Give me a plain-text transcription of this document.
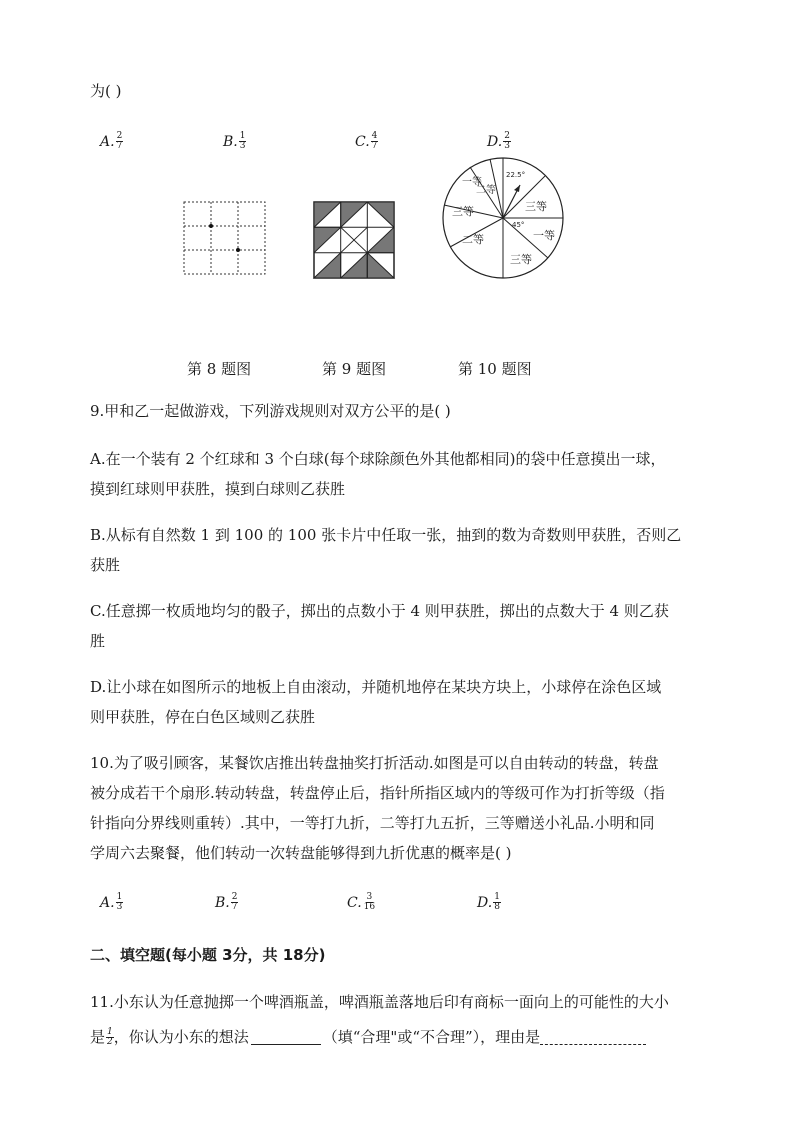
为( )
A. $\frac{2}{7}$	B. $\frac{1}{3}$	C. $\frac{4}{7}$	D. $\frac{2}{3}$
一等
二等
三等
三等
一等
二等
三等
22.5°
45°
第 8 题图	第 9 题图	第 10 题图
9.甲和乙一起做游戏，下列游戏规则对双方公平的是( )
A.在一个装有 2 个红球和 3 个白球(每个球除颜色外其他都相同)的袋中任意摸出一球，
摸到红球则甲获胜，摸到白球则乙获胜
B.从标有自然数 1 到 100 的 100 张卡片中任取一张，抽到的数为奇数则甲获胜，否则乙
获胜
C.任意掷一枚质地均匀的骰子，掷出的点数小于 4 则甲获胜，掷出的点数大于 4 则乙获
胜
D.让小球在如图所示的地板上自由滚动，并随机地停在某块方块上，小球停在涂色区域
则甲获胜，停在白色区域则乙获胜
10.为了吸引顾客，某餐饮店推出转盘抽奖打折活动.如图是可以自由转动的转盘，转盘
被分成若干个扇形.转动转盘，转盘停止后，指针所指区域内的等级可作为打折等级（指
针指向分界线则重转）.其中，一等打九折，二等打九五折，三等赠送小礼品.小明和同
学周六去聚餐，他们转动一次转盘能够得到九折优惠的概率是( )
A. $\frac{1}{3}$	B. $\frac{2}{7}$	C. $\frac{3}{16}$	D. $\frac{1}{8}$
二、填空题(每小题 3分，共 18分)
11.小东认为任意抛掷一个啤酒瓶盖，啤酒瓶盖落地后印有商标一面向上的可能性的大小
是 $\frac{1}{2}$ ，你认为小东的想法	（填“合理"或“不合理”），理由是
